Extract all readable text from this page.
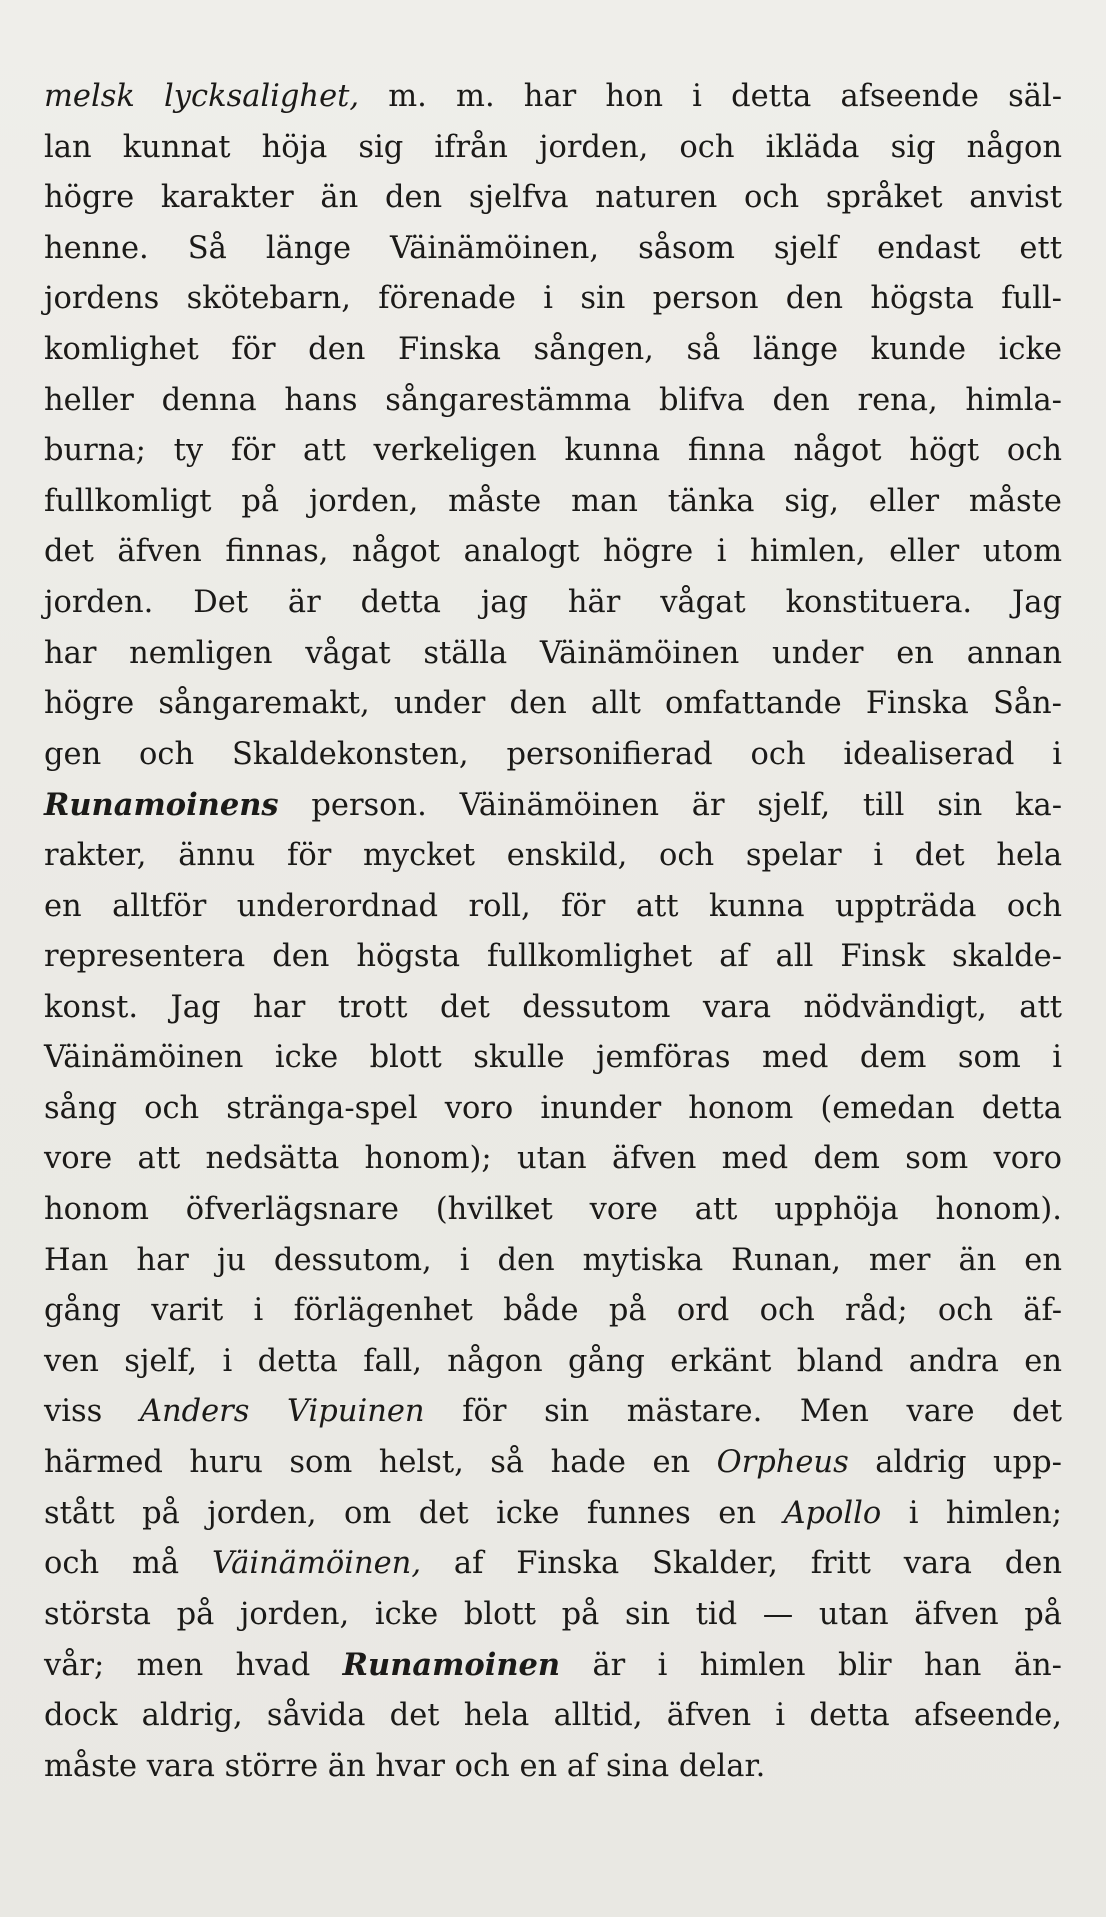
melsk lycksalighet, m. m. har hon i detta afseende säl-
lan kunnat höja sig ifrån jorden, och ikläda sig någon
högre karakter än den sjelfva naturen och språket anvist
henne. Så länge Väinämöinen, såsom sjelf endast ett
jordens skötebarn, förenade i sin person den högsta full-
komlighet för den Finska sången, så länge kunde icke
heller denna hans sångarestämma blifva den rena, himla-
burna; ty för att verkeligen kunna finna något högt och
fullkomligt på jorden, måste man tänka sig, eller måste
det äfven finnas, något analogt högre i himlen, eller utom
jorden. Det är detta jag här vågat konstituera. Jag
har nemligen vågat ställa Väinämöinen under en annan
högre sångaremakt, under den allt omfattande Finska Sån-
gen och Skaldekonsten, personifierad och idealiserad i
Runamoinens person. Väinämöinen är sjelf, till sin ka-
rakter, ännu för mycket enskild, och spelar i det hela
en alltför underordnad roll, för att kunna uppträda och
representera den högsta fullkomlighet af all Finsk skalde-
konst. Jag har trott det dessutom vara nödvändigt, att
Väinämöinen icke blott skulle jemföras med dem som i
sång och stränga-spel voro inunder honom (emedan detta
vore att nedsätta honom); utan äfven med dem som voro
honom öfverlägsnare (hvilket vore att upphöja honom).
Han har ju dessutom, i den mytiska Runan, mer än en
gång varit i förlägenhet både på ord och råd; och äf-
ven sjelf, i detta fall, någon gång erkänt bland andra en
viss Anders Vipuinen för sin mästare. Men vare det
härmed huru som helst, så hade en Orpheus aldrig upp-
stått på jorden, om det icke funnes en Apollo i himlen;
och må Väinämöinen, af Finska Skalder, fritt vara den
största på jorden, icke blott på sin tid — utan äfven på
vår; men hvad Runamoinen är i himlen blir han än-
dock aldrig, såvida det hela alltid, äfven i detta afseende,
måste vara större än hvar och en af sina delar.
